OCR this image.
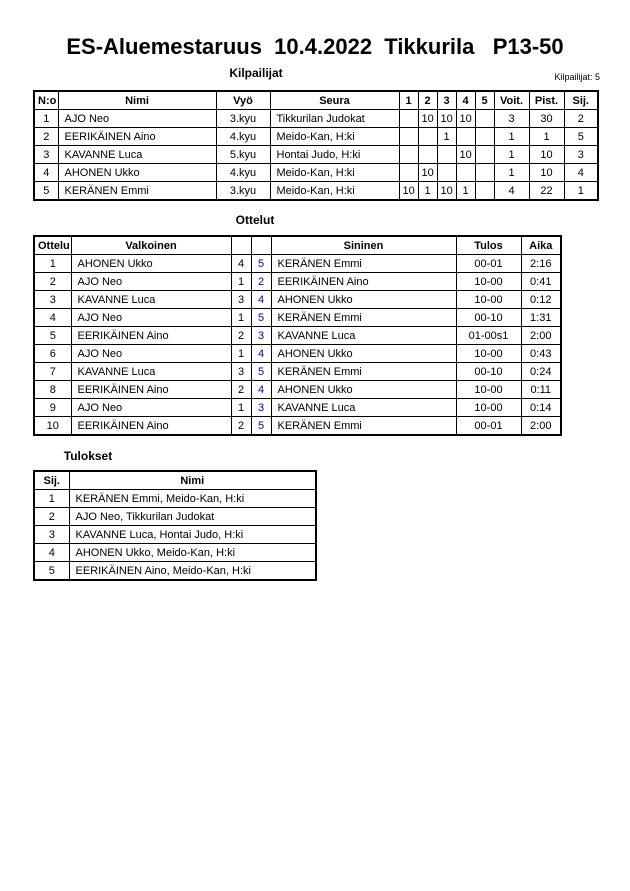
ES-Aluemestaruus  10.4.2022  Tikkurila   P13-50
Kilpailijat: 5
Kilpailijat
N:o	Nimi	Vyö	Seura	1	2	3	4	5	Voit.	Pist.	Sij.
1	AJO Neo	3.kyu	Tikkurilan Judokat		10	10	10		3	30	2
2	EERIKÄINEN Aino	4.kyu	Meido-Kan, H:ki			1			1	1	5
3	KAVANNE Luca	5.kyu	Hontai Judo, H:ki				10		1	10	3
4	AHONEN Ukko	4.kyu	Meido-Kan, H:ki		10				1	10	4
5	KERÄNEN Emmi	3.kyu	Meido-Kan, H:ki	10	1	10	1		4	22	1
Ottelut
Ottelu	Valkoinen			Sininen	Tulos	Aika
1	AHONEN Ukko	4	5	KERÄNEN Emmi	00-01	2:16
2	AJO Neo	1	2	EERIKÄINEN Aino	10-00	0:41
3	KAVANNE Luca	3	4	AHONEN Ukko	10-00	0:12
4	AJO Neo	1	5	KERÄNEN Emmi	00-10	1:31
5	EERIKÄINEN Aino	2	3	KAVANNE Luca	01-00s1	2:00
6	AJO Neo	1	4	AHONEN Ukko	10-00	0:43
7	KAVANNE Luca	3	5	KERÄNEN Emmi	00-10	0:24
8	EERIKÄINEN Aino	2	4	AHONEN Ukko	10-00	0:11
9	AJO Neo	1	3	KAVANNE Luca	10-00	0:14
10	EERIKÄINEN Aino	2	5	KERÄNEN Emmi	00-01	2:00
Tulokset
Sij.	Nimi
1	KERÄNEN Emmi, Meido-Kan, H:ki
2	AJO Neo, Tikkurilan Judokat
3	KAVANNE Luca, Hontai Judo, H:ki
4	AHONEN Ukko, Meido-Kan, H:ki
5	EERIKÄINEN Aino, Meido-Kan, H:ki
